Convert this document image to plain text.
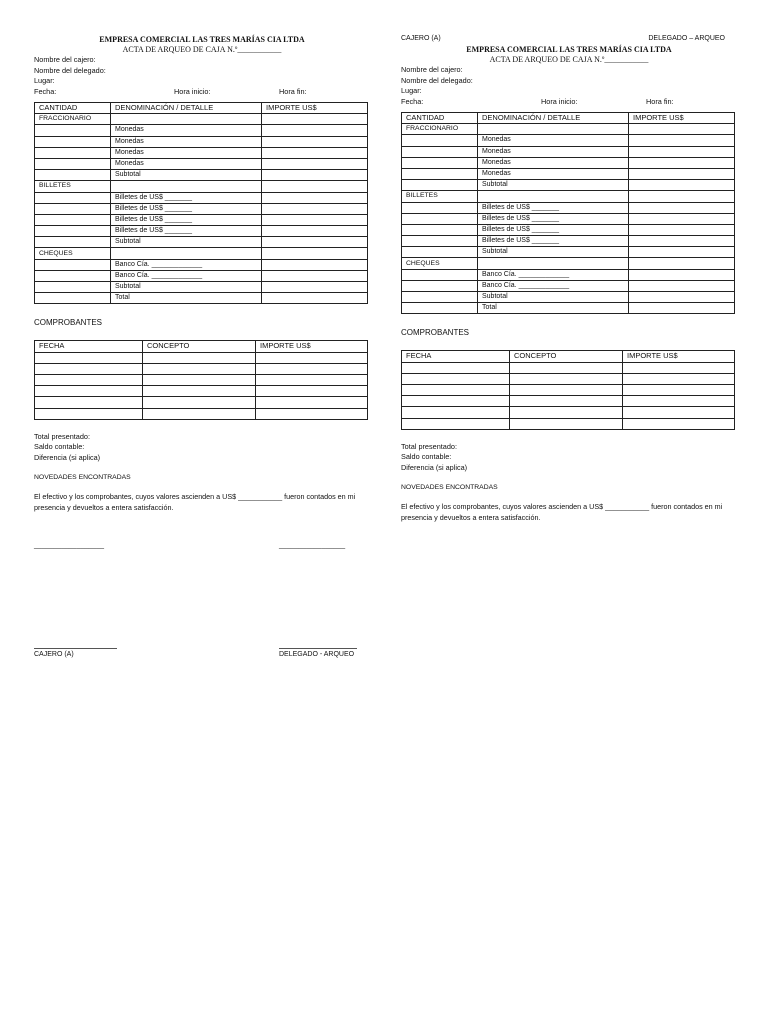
EMPRESA COMERCIAL LAS TRES MARÍAS CIA LTDA
ACTA DE ARQUEO DE CAJA N.º___________
Nombre del cajero:
Nombre del delegado:
Lugar:
Fecha:	Hora inicio:	Hora fin:
CANTIDAD	DENOMINACIÓN / DETALLE	IMPORTE US$
FRACCIONARIO		
	Monedas	
	Monedas	
	Monedas	
	Monedas	
	Subtotal	
BILLETES		
	Billetes de US$ _______	
	Billetes de US$ _______	
	Billetes de US$ _______	
	Billetes de US$ _______	
	Subtotal	
CHEQUES		
	Banco Cía. _____________	
	Banco Cía. _____________	
	Subtotal	
	Total	
COMPROBANTES
FECHA	CONCEPTO	IMPORTE US$

Total presentado:
Saldo contable:
Diferencia (si aplica)
NOVEDADES ENCONTRADAS
El efectivo y los comprobantes, cuyos valores ascienden a US$ ___________ fueron contados en mi presencia y devueltos a entera satisfacción.
__________________	_________________
CAJERO (A)	DELEGADO - ARQUEO
CAJERO (A)	DELEGADO – ARQUEO
EMPRESA COMERCIAL LAS TRES MARÍAS CIA LTDA
ACTA DE ARQUEO DE CAJA N.º___________
Nombre del cajero:
Nombre del delegado:
Lugar:
Fecha:	Hora inicio:	Hora fin:
CANTIDAD	DENOMINACIÓN / DETALLE	IMPORTE US$
FRACCIONARIO		
	Monedas	
	Monedas	
	Monedas	
	Monedas	
	Subtotal	
BILLETES		
	Billetes de US$ _______	
	Billetes de US$ _______	
	Billetes de US$ _______	
	Billetes de US$ _______	
	Subtotal	
CHEQUES		
	Banco Cía. _____________	
	Banco Cía. _____________	
	Subtotal	
	Total	
COMPROBANTES
FECHA	CONCEPTO	IMPORTE US$

Total presentado:
Saldo contable:
Diferencia (si aplica)
NOVEDADES ENCONTRADAS
El efectivo y los comprobantes, cuyos valores ascienden a US$ ___________ fueron contados en mi presencia y devueltos a entera satisfacción.
